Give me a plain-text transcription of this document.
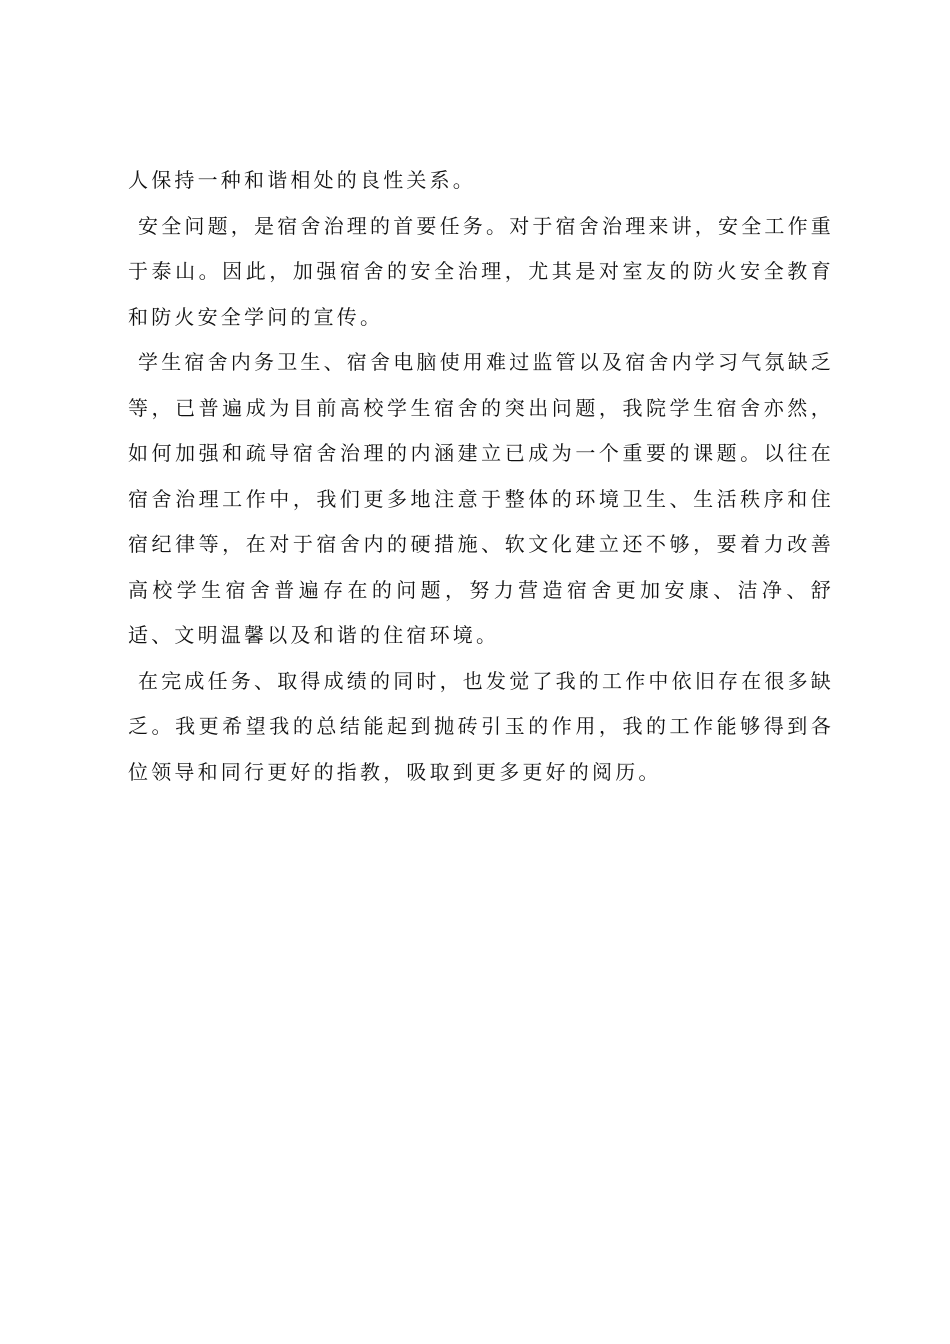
人保持一种和谐相处的良性关系。

安全问题，是宿舍治理的首要任务。对于宿舍治理来讲，安全工作重于泰山。因此，加强宿舍的安全治理，尤其是对室友的防火安全教育和防火安全学问的宣传。

学生宿舍内务卫生、宿舍电脑使用难过监管以及宿舍内学习气氛缺乏等，已普遍成为目前高校学生宿舍的突出问题，我院学生宿舍亦然，如何加强和疏导宿舍治理的内涵建立已成为一个重要的课题。以往在宿舍治理工作中，我们更多地注意于整体的环境卫生、生活秩序和住宿纪律等，在对于宿舍内的硬措施、软文化建立还不够，要着力改善高校学生宿舍普遍存在的问题，努力营造宿舍更加安康、洁净、舒适、文明温馨以及和谐的住宿环境。

在完成任务、取得成绩的同时，也发觉了我的工作中依旧存在很多缺乏。我更希望我的总结能起到抛砖引玉的作用，我的工作能够得到各位领导和同行更好的指教，吸取到更多更好的阅历。
